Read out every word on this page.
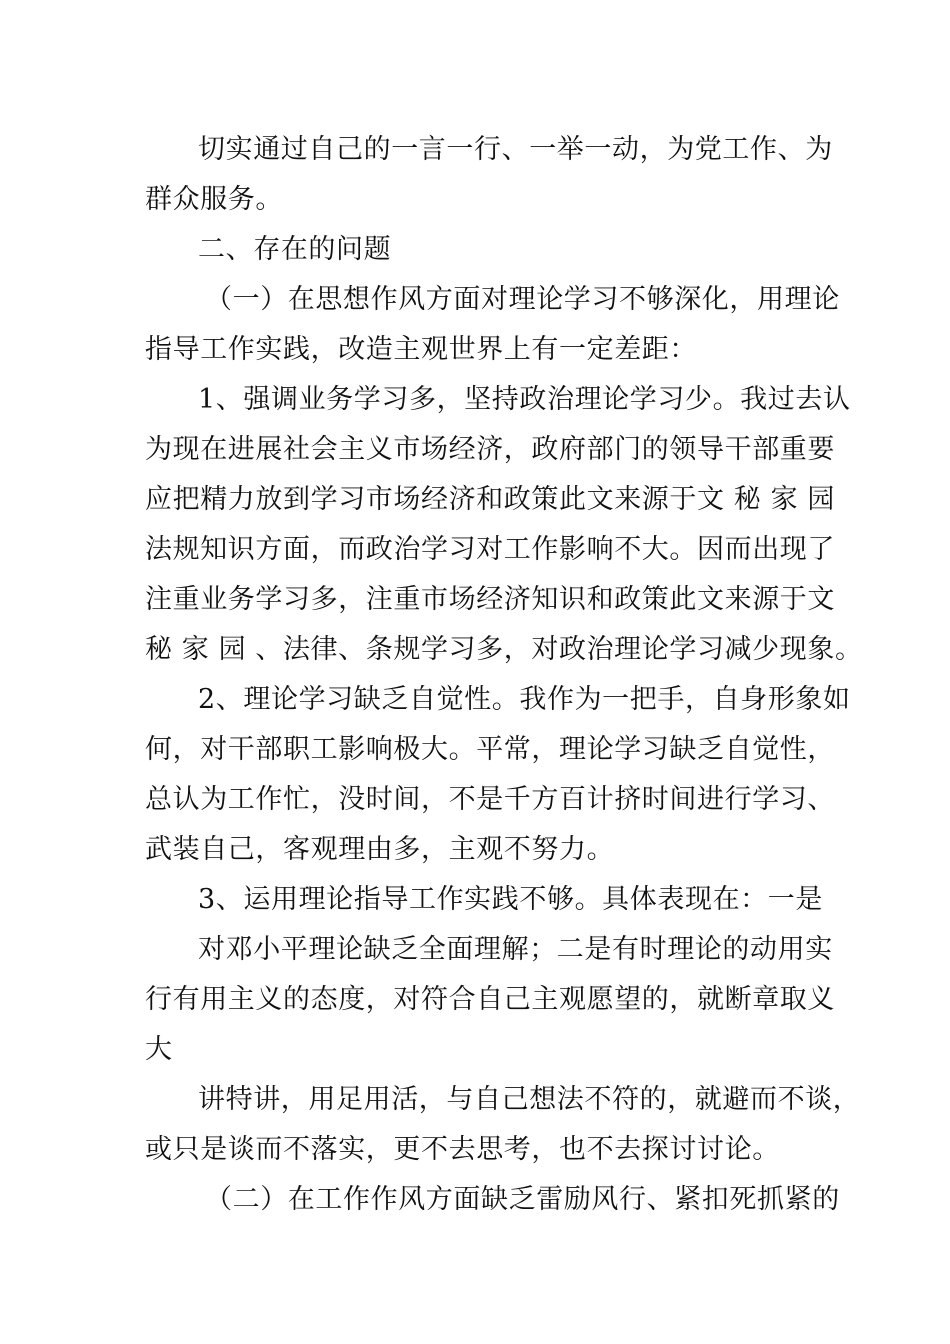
切实通过自己的一言一行、一举一动，为党工作、为
群众服务。
二、存在的问题
（一）在思想作风方面对理论学习不够深化，用理论
指导工作实践，改造主观世界上有一定差距：
1、强调业务学习多，坚持政治理论学习少。我过去认
为现在进展社会主义市场经济，政府部门的领导干部重要
应把精力放到学习市场经济和政策此文来源于文 秘 家 园
法规知识方面，而政治学习对工作影响不大。因而出现了
注重业务学习多，注重市场经济知识和政策此文来源于文
秘 家 园 、法律、条规学习多，对政治理论学习减少现象。
2、理论学习缺乏自觉性。我作为一把手，自身形象如
何，对干部职工影响极大。平常，理论学习缺乏自觉性，
总认为工作忙，没时间，不是千方百计挤时间进行学习、
武装自己，客观理由多，主观不努力。
3、运用理论指导工作实践不够。具体表现在：一是
对邓小平理论缺乏全面理解；二是有时理论的动用实
行有用主义的态度，对符合自己主观愿望的，就断章取义
大
讲特讲，用足用活，与自己想法不符的，就避而不谈，
或只是谈而不落实，更不去思考，也不去探讨讨论。
（二）在工作作风方面缺乏雷励风行、紧扣死抓紧的
